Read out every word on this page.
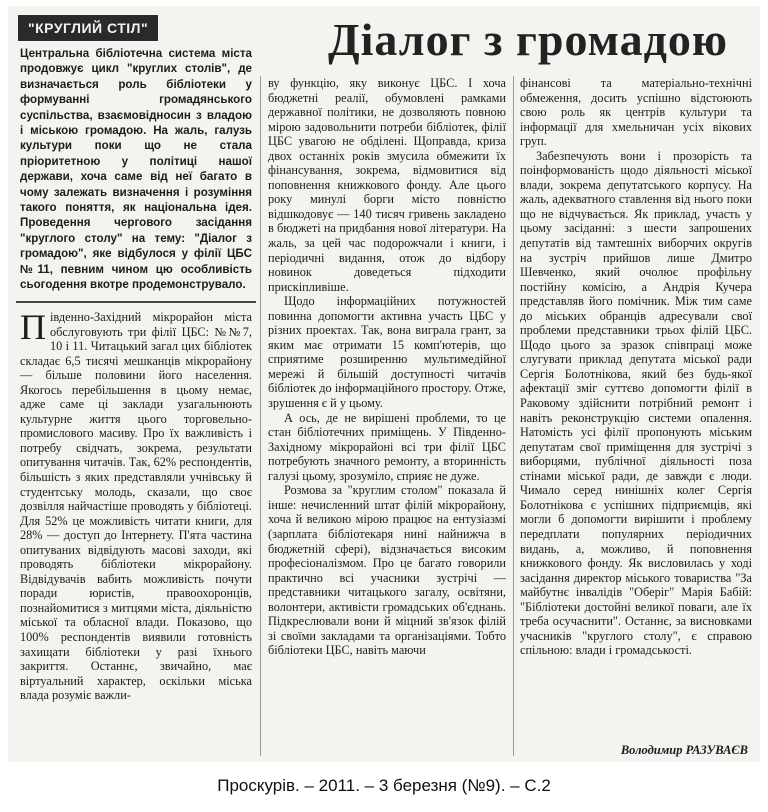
"КРУГЛИЙ СТІЛ"	Діалог з громадою

Центральна бібліотечна система міста продовжує цикл "круглих столів", де визначається роль бібліотеки у формуванні громадянського суспільства, взаємовідносин з владою і міською громадою. На жаль, галузь культури поки що не стала пріоритетною у політиці нашої держави, хоча саме від неї багато в чому залежать визначення і розуміння такого поняття, як національна ідея. Проведення чергового засідання "круглого столу" на тему: "Діалог з громадою", яке відбулося у філії ЦБС №11, певним чином цю особливість сьогодення вкотре продемонструвало.

П івденно-Західний мікрорайон міста обслуговують три філії ЦБС: №№7, 10 і 11. Читацький загал цих бібліотек складає 6,5 тисячі мешканців мікрорайону — більше половини його населення. Якогось перебільшення в цьому немає, адже саме ці заклади узагальнюють культурне життя цього торговельно-промислового масиву. Про їх важливість і потребу свідчать, зокрема, результати опитування читачів. Так, 62% респондентів, більшість з яких представляли учнівську й студентську молодь, сказали, що своє дозвілля найчастіше проводять у бібліотеці. Для 52% це можливість читати книги, для 28% — доступ до Інтернету. П'ята частина опитуваних відвідують масові заходи, які проводять бібліотеки мікрорайону. Відвідувачів вабить можливість почути поради юристів, правоохоронців, познайомитися з митцями міста, діяльністю міської та обласної влади. Показово, що 100% респондентів виявили готовність захищати бібліотеки у разі їхнього закриття. Останнє, звичайно, має віртуальний характер, оскільки міська влада розуміє важли-

ву функцію, яку виконує ЦБС. І хоча бюджетні реалії, обумовлені рамками державної політики, не дозволяють повною мірою задовольнити потреби бібліотек, філії ЦБС увагою не обділені. Щоправда, криза двох останніх років змусила обмежити їх фінансування, зокрема, відмовитися від поповнення книжкового фонду. Але цього року минулі борги місто повністю відшкодовує — 140 тисяч гривень закладено в бюджеті на придбання нової літератури. На жаль, за цей час подорожчали і книги, і періодичні видання, отож до відбору новинок доведеться підходити прискіпливіше.

Щодо інформаційних потужностей повинна допомогти активна участь ЦБС у різних проектах. Так, вона виграла грант, за яким має отримати 15 комп'ютерів, що сприятиме розширенню мультимедійної мережі й більшій доступності читачів бібліотек до інформаційного простору. Отже, зрушення є й у цьому.

А ось, де не вирішені проблеми, то це стан бібліотечних приміщень. У Південно-Західному мікрорайоні всі три філії ЦБС потребують значного ремонту, а вторинність галузі цьому, зрозуміло, сприяє не дуже.

Розмова за "круглим столом" показала й інше: нечисленний штат філій мікрорайону, хоча й великою мірою працює на ентузіазмі (зарплата бібліотекаря нині найнижча в бюджетній сфері), відзначається високим професіоналізмом. Про це багато говорили практично всі учасники зустрічі — представники читацького загалу, освітяни, волонтери, активісти громадських об'єднань. Підкреслювали вони й міцний зв'язок філій зі своїми закладами та організаціями. Тобто бібліотеки ЦБС, навіть маючи

фінансові та матеріально-технічні обмеження, досить успішно відстоюють свою роль як центрів культури та інформації для хмельничан усіх вікових груп.

Забезпечують вони і прозорість та поінформованість щодо діяльності міської влади, зокрема депутатського корпусу. На жаль, адекватного ставлення від нього поки що не відчувається. Як приклад, участь у цьому засіданні: з шести запрошених депутатів від тамтешніх виборчих округів на зустріч прийшов лише Дмитро Шевченко, який очолює профільну постійну комісію, а Андрія Кучера представляв його помічник. Між тим саме до міських обранців адресували свої проблеми представники трьох філій ЦБС. Щодо цього за зразок співпраці може слугувати приклад депутата міської ради Сергія Болотнікова, який без будь-якої афектації зміг суттєво допомогти філії в Раковому здійснити потрібний ремонт і навіть реконструкцію системи опалення. Натомість усі філії пропонують міським депутатам свої приміщення для зустрічі з виборцями, публічної діяльності поза стінами міської ради, де завжди є люди. Чимало серед нинішніх колег Сергія Болотнікова є успішних підприємців, які могли б допомогти вирішити і проблему передплати популярних періодичних видань, а, можливо, й поповнення книжкового фонду. Як висловилась у ході засідання директор міського товариства "За майбутнє інвалідів "Оберіг" Марія Бабій: "Бібліотеки достойні великої поваги, але їх треба осучаснити". Останнє, за висновками учасників "круглого столу", є справою спільною: влади і громадськості.

Володимир РАЗУВАЄВ
Проскурів. – 2011. – 3 березня (№9). – С.2
